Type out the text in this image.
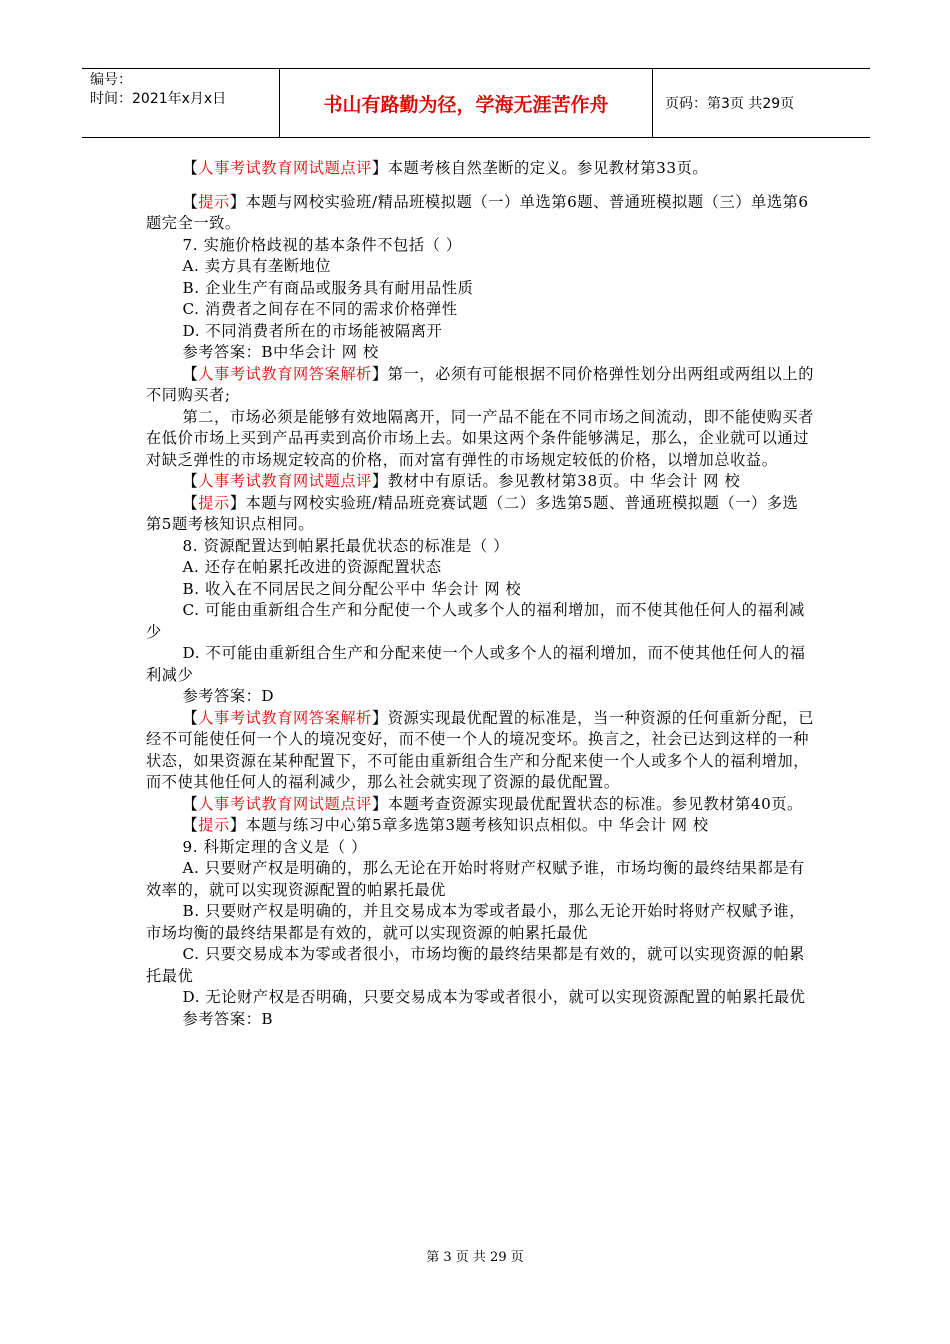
编号：
时间：2021年x月x日	书山有路勤为径，学海无涯苦作舟	页码：第3页 共29页

【人事考试教育网试题点评】本题考核自然垄断的定义。参见教材第33页。

【提示】本题与网校实验班/精品班模拟题（一）单选第6题、普通班模拟题（三）单选第6题完全一致。

7. 实施价格歧视的基本条件不包括（ ）

A. 卖方具有垄断地位

B. 企业生产有商品或服务具有耐用品性质

C. 消费者之间存在不同的需求价格弹性

D. 不同消费者所在的市场能被隔离开

参考答案：B中华会计 网 校

【人事考试教育网答案解析】第一，必须有可能根据不同价格弹性划分出两组或两组以上的不同购买者;

第二，市场必须是能够有效地隔离开，同一产品不能在不同市场之间流动，即不能使购买者在低价市场上买到产品再卖到高价市场上去。如果这两个条件能够满足，那么，企业就可以通过对缺乏弹性的市场规定较高的价格，而对富有弹性的市场规定较低的价格，以增加总收益。

【人事考试教育网试题点评】教材中有原话。参见教材第38页。中 华会计 网 校

【提示】本题与网校实验班/精品班竞赛试题（二）多选第5题、普通班模拟题（一）多选第5题考核知识点相同。

8. 资源配置达到帕累托最优状态的标准是（ ）

A. 还存在帕累托改进的资源配置状态

B. 收入在不同居民之间分配公平中 华会计 网 校

C. 可能由重新组合生产和分配使一个人或多个人的福利增加，而不使其他任何人的福利减少

D. 不可能由重新组合生产和分配来使一个人或多个人的福利增加，而不使其他任何人的福利减少

参考答案：D

【人事考试教育网答案解析】资源实现最优配置的标准是，当一种资源的任何重新分配，已经不可能使任何一个人的境况变好，而不使一个人的境况变坏。换言之，社会已达到这样的一种状态，如果资源在某种配置下，不可能由重新组合生产和分配来使一个人或多个人的福利增加，而不使其他任何人的福利减少，那么社会就实现了资源的最优配置。

【人事考试教育网试题点评】本题考查资源实现最优配置状态的标准。参见教材第40页。

【提示】本题与练习中心第5章多选第3题考核知识点相似。中 华会计 网 校

9. 科斯定理的含义是（ ）

A. 只要财产权是明确的，那么无论在开始时将财产权赋予谁，市场均衡的最终结果都是有效率的，就可以实现资源配置的帕累托最优

B. 只要财产权是明确的，并且交易成本为零或者最小，那么无论开始时将财产权赋予谁，市场均衡的最终结果都是有效的，就可以实现资源的帕累托最优

C. 只要交易成本为零或者很小，市场均衡的最终结果都是有效的，就可以实现资源的帕累托最优

D. 无论财产权是否明确，只要交易成本为零或者很小，就可以实现资源配置的帕累托最优

参考答案：B

第 3 页 共 29 页
